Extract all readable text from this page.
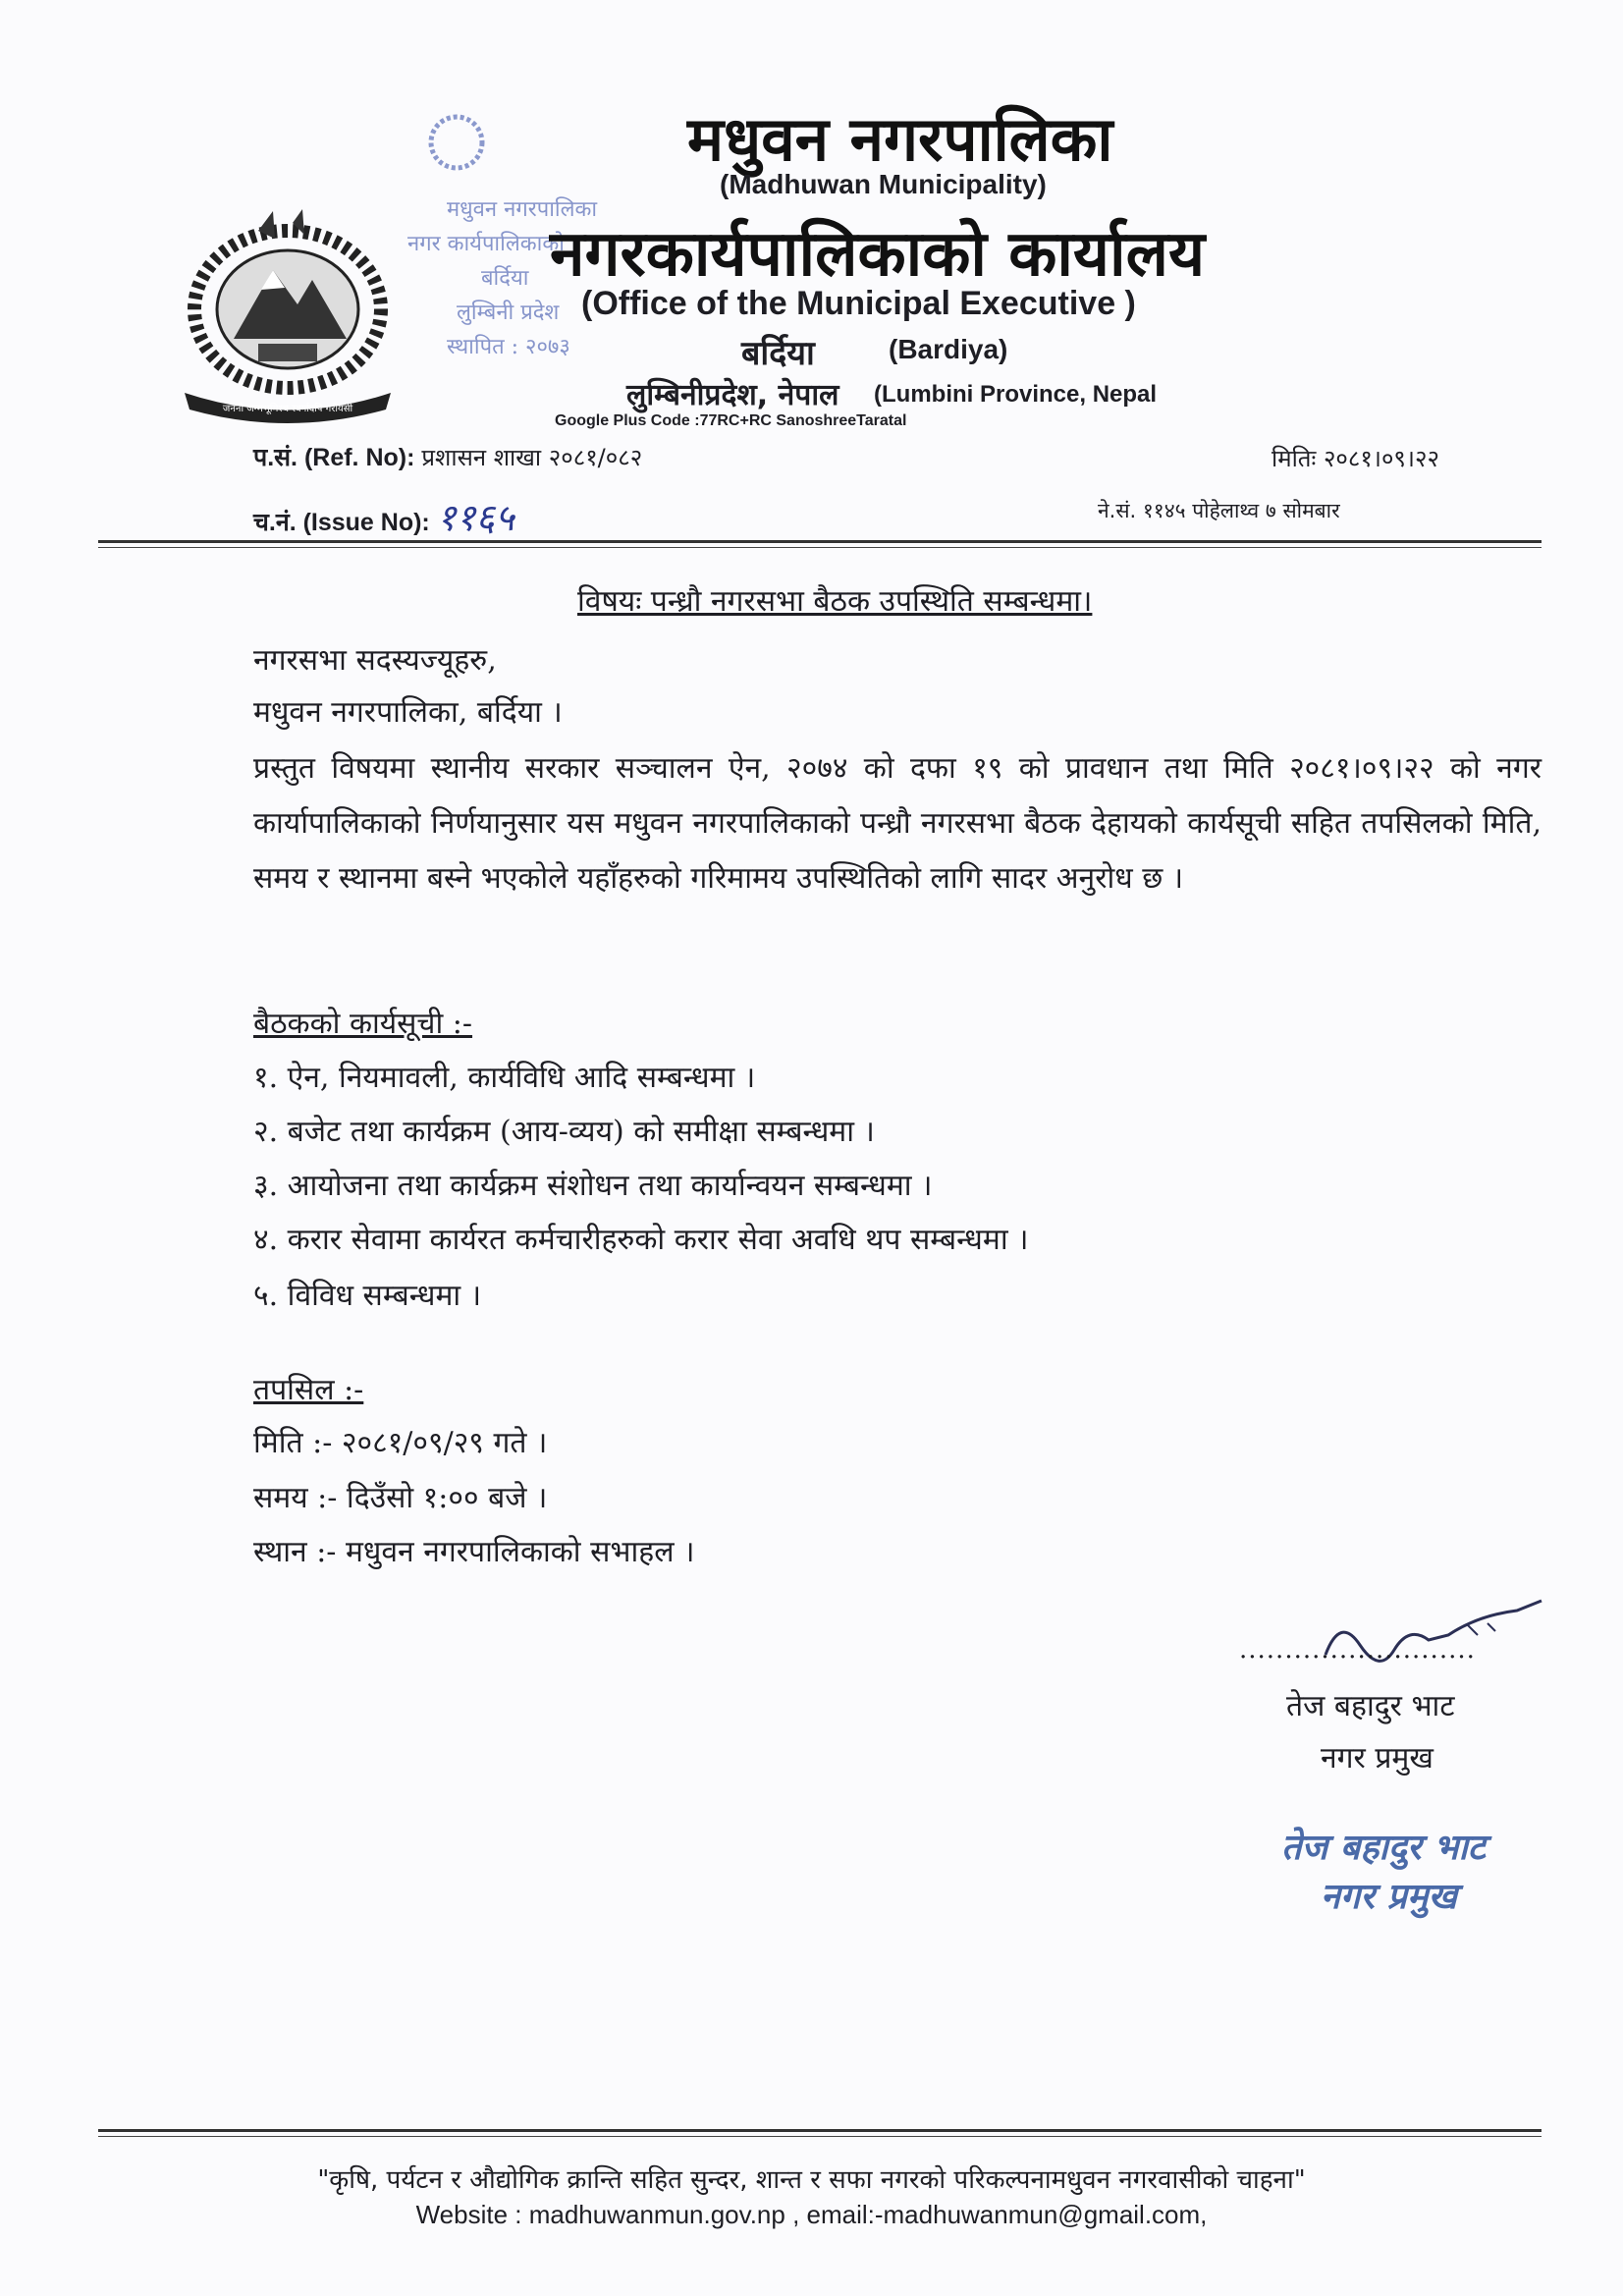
जननी जन्मभूमिश्च स्वर्गादपि गरीयसी
मधुवन नगरपालिका
नगर कार्यपालिकाको
बर्दिया
लुम्बिनी प्रदेश
स्थापित : २०७३
मधुवन नगरपालिका
(Madhuwan Municipality)
नगरकार्यपालिकाको कार्यालय
(Office of the Municipal Executive )
बर्दिया	(Bardiya)
लुम्बिनीप्रदेश, नेपाल (Lumbini Province, Nepal
Google Plus Code :77RC+RC SanoshreeTaratal
प.सं. (Ref. No): प्रशासन शाखा २०८१/०८२
च.नं. (Issue No): ११६५
मितिः २०८१।०९।२२
ने.सं. ११४५ पोहेलाथ्व ७ सोमबार
विषयः पन्ध्रौ नगरसभा बैठक उपस्थिति सम्बन्धमा।
नगरसभा सदस्यज्यूहरु,
मधुवन नगरपालिका, बर्दिया ।
प्रस्तुत विषयमा स्थानीय सरकार सञ्चालन ऐन, २०७४ को दफा १९ को प्रावधान तथा मिति २०८१।०९।२२ को नगर कार्यापालिकाको निर्णयानुसार यस मधुवन नगरपालिकाको पन्ध्रौ नगरसभा बैठक देहायको कार्यसूची सहित तपसिलको मिति, समय र स्थानमा बस्ने भएकोले यहाँहरुको गरिमामय उपस्थितिको लागि सादर अनुरोध छ ।
बैठकको कार्यसूची :-
१. ऐन, नियमावली, कार्यविधि आदि सम्बन्धमा ।
२. बजेट तथा कार्यक्रम (आय-व्यय) को समीक्षा सम्बन्धमा ।
३. आयोजना तथा कार्यक्रम संशोधन तथा कार्यान्वयन सम्बन्धमा ।
४. करार सेवामा कार्यरत कर्मचारीहरुको करार सेवा अवधि थप सम्बन्धमा ।
५. विविध सम्बन्धमा ।
तपसिल :-
मिति :- २०८१/०९/२९ गते ।
समय :- दिउँसो १:०० बजे ।
स्थान :- मधुवन नगरपालिकाको सभाहल ।
..........................
तेज बहादुर भाट
नगर प्रमुख
तेज बहादुर भाट
नगर प्रमुख
"कृषि, पर्यटन र औद्योगिक क्रान्ति सहित सुन्दर, शान्त र सफा नगरको परिकल्पनामधुवन नगरवासीको चाहना"
Website : madhuwanmun.gov.np , email:-madhuwanmun@gmail.com,
